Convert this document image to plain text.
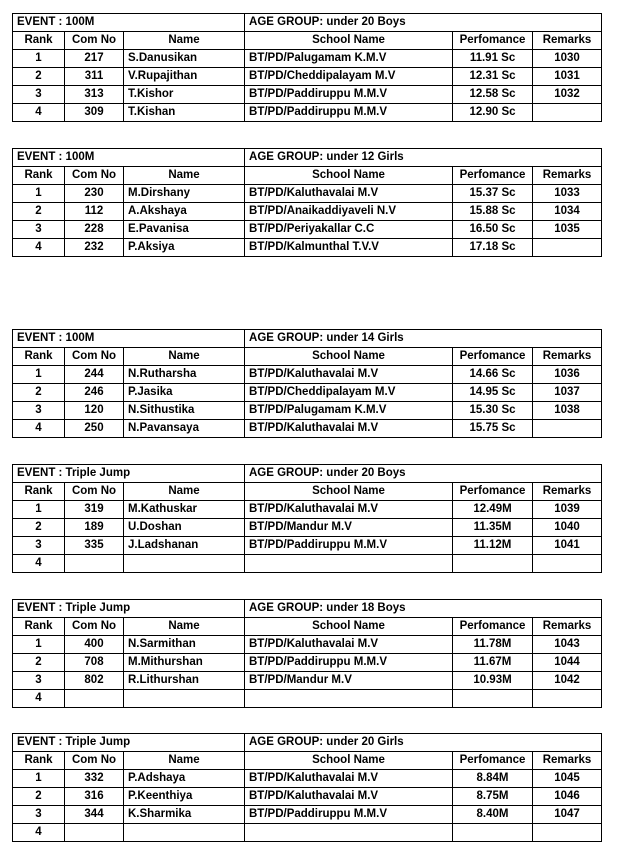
EVENT : 100M			AGE GROUP: under 20 Boys		
Rank	Com No	Name	School Name	Perfomance	Remarks
1	217	S.Danusikan	BT/PD/Palugamam K.M.V	11.91 Sc	1030
2	311	V.Rupajithan	BT/PD/Cheddipalayam M.V	12.31 Sc	1031
3	313	T.Kishor	BT/PD/Paddiruppu M.M.V	12.58 Sc	1032
4	309	T.Kishan	BT/PD/Paddiruppu M.M.V	12.90 Sc	
EVENT : 100M			AGE GROUP: under 12 Girls		
Rank	Com No	Name	School Name	Perfomance	Remarks
1	230	M.Dirshany	BT/PD/Kaluthavalai M.V	15.37 Sc	1033
2	112	A.Akshaya	BT/PD/Anaikaddiyaveli N.V	15.88 Sc	1034
3	228	E.Pavanisa	BT/PD/Periyakallar C.C	16.50 Sc	1035
4	232	P.Aksiya	BT/PD/Kalmunthal T.V.V	17.18 Sc	
EVENT : 100M			AGE GROUP: under 14 Girls		
Rank	Com No	Name	School Name	Perfomance	Remarks
1	244	N.Rutharsha	BT/PD/Kaluthavalai M.V	14.66 Sc	1036
2	246	P.Jasika	BT/PD/Cheddipalayam M.V	14.95 Sc	1037
3	120	N.Sithustika	BT/PD/Palugamam K.M.V	15.30 Sc	1038
4	250	N.Pavansaya	BT/PD/Kaluthavalai M.V	15.75 Sc	
EVENT : Triple Jump			AGE GROUP: under 20 Boys		
Rank	Com No	Name	School Name	Perfomance	Remarks
1	319	M.Kathuskar	BT/PD/Kaluthavalai M.V	12.49M	1039
2	189	U.Doshan	BT/PD/Mandur M.V	11.35M	1040
3	335	J.Ladshanan	BT/PD/Paddiruppu M.M.V	11.12M	1041
4					
EVENT : Triple Jump			AGE GROUP: under 18 Boys		
Rank	Com No	Name	School Name	Perfomance	Remarks
1	400	N.Sarmithan	BT/PD/Kaluthavalai M.V	11.78M	1043
2	708	M.Mithurshan	BT/PD/Paddiruppu M.M.V	11.67M	1044
3	802	R.Lithurshan	BT/PD/Mandur M.V	10.93M	1042
4					
EVENT : Triple Jump			AGE GROUP: under 20 Girls		
Rank	Com No	Name	School Name	Perfomance	Remarks
1	332	P.Adshaya	BT/PD/Kaluthavalai M.V	8.84M	1045
2	316	P.Keenthiya	BT/PD/Kaluthavalai M.V	8.75M	1046
3	344	K.Sharmika	BT/PD/Paddiruppu M.M.V	8.40M	1047
4					
